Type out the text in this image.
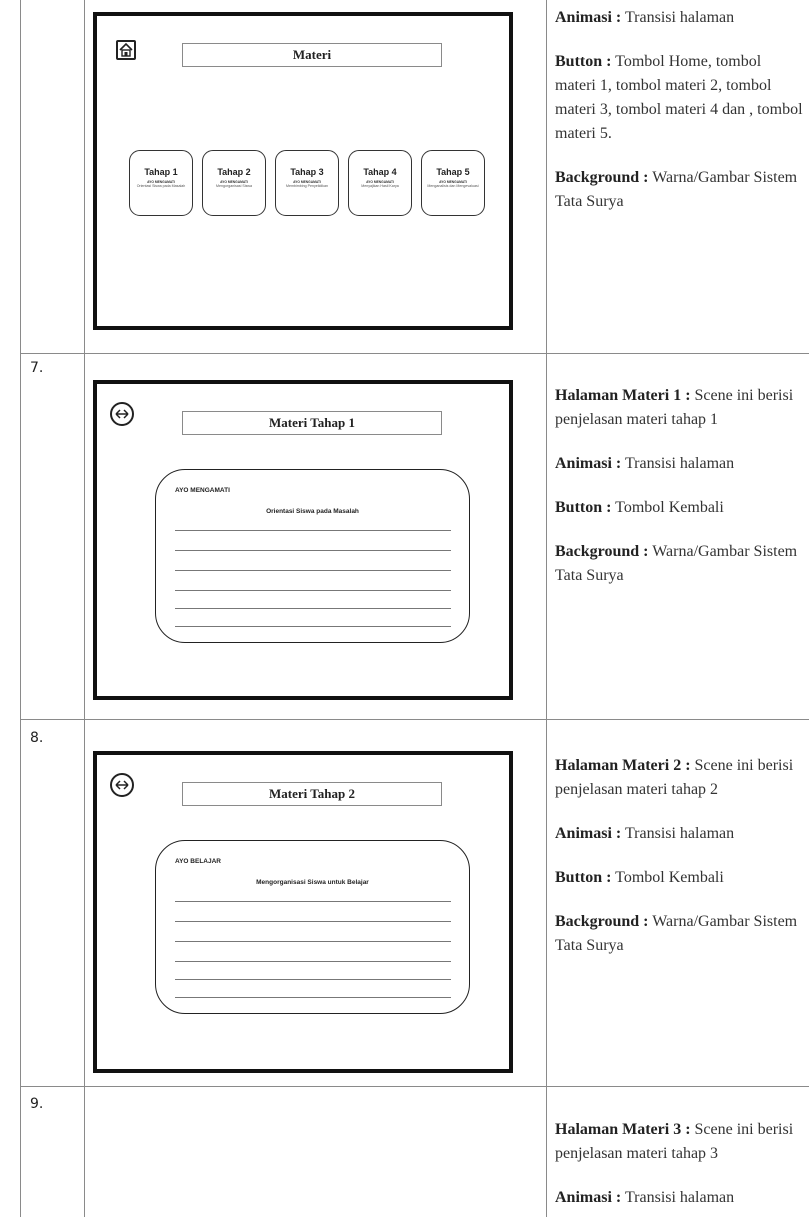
Materi
Tahap 1
AYO MENGAMATI
Orientasi Siswa pada Masalah
Tahap 2
AYO MENGAMATI
Mengorganisasi Siswa
Tahap 3
AYO MENGAMATI
Membimbing Penyelidikan
Tahap 4
AYO MENGAMATI
Menyajikan Hasil Karya
Tahap 5
AYO MENGAMATI
Menganalisis dan Mengevaluasi

Animasi : Transisi halaman

Button : Tombol Home, tombol materi 1, tombol materi 2, tombol materi 3, tombol materi 4 dan , tombol materi 5.

Background : Warna/Gambar Sistem Tata Surya

7.
Materi Tahap 1
AYO MENGAMATI
Orientasi Siswa pada Masalah

Halaman Materi 1 : Scene ini berisi penjelasan materi tahap 1

Animasi : Transisi halaman

Button : Tombol Kembali

Background : Warna/Gambar Sistem Tata Surya

8.
Materi Tahap 2
AYO BELAJAR
Mengorganisasi Siswa untuk Belajar

Halaman Materi 2 : Scene ini berisi penjelasan materi tahap 2

Animasi : Transisi halaman

Button : Tombol Kembali

Background : Warna/Gambar Sistem Tata Surya

9.

Halaman Materi 3 : Scene ini berisi penjelasan materi tahap 3

Animasi : Transisi halaman
